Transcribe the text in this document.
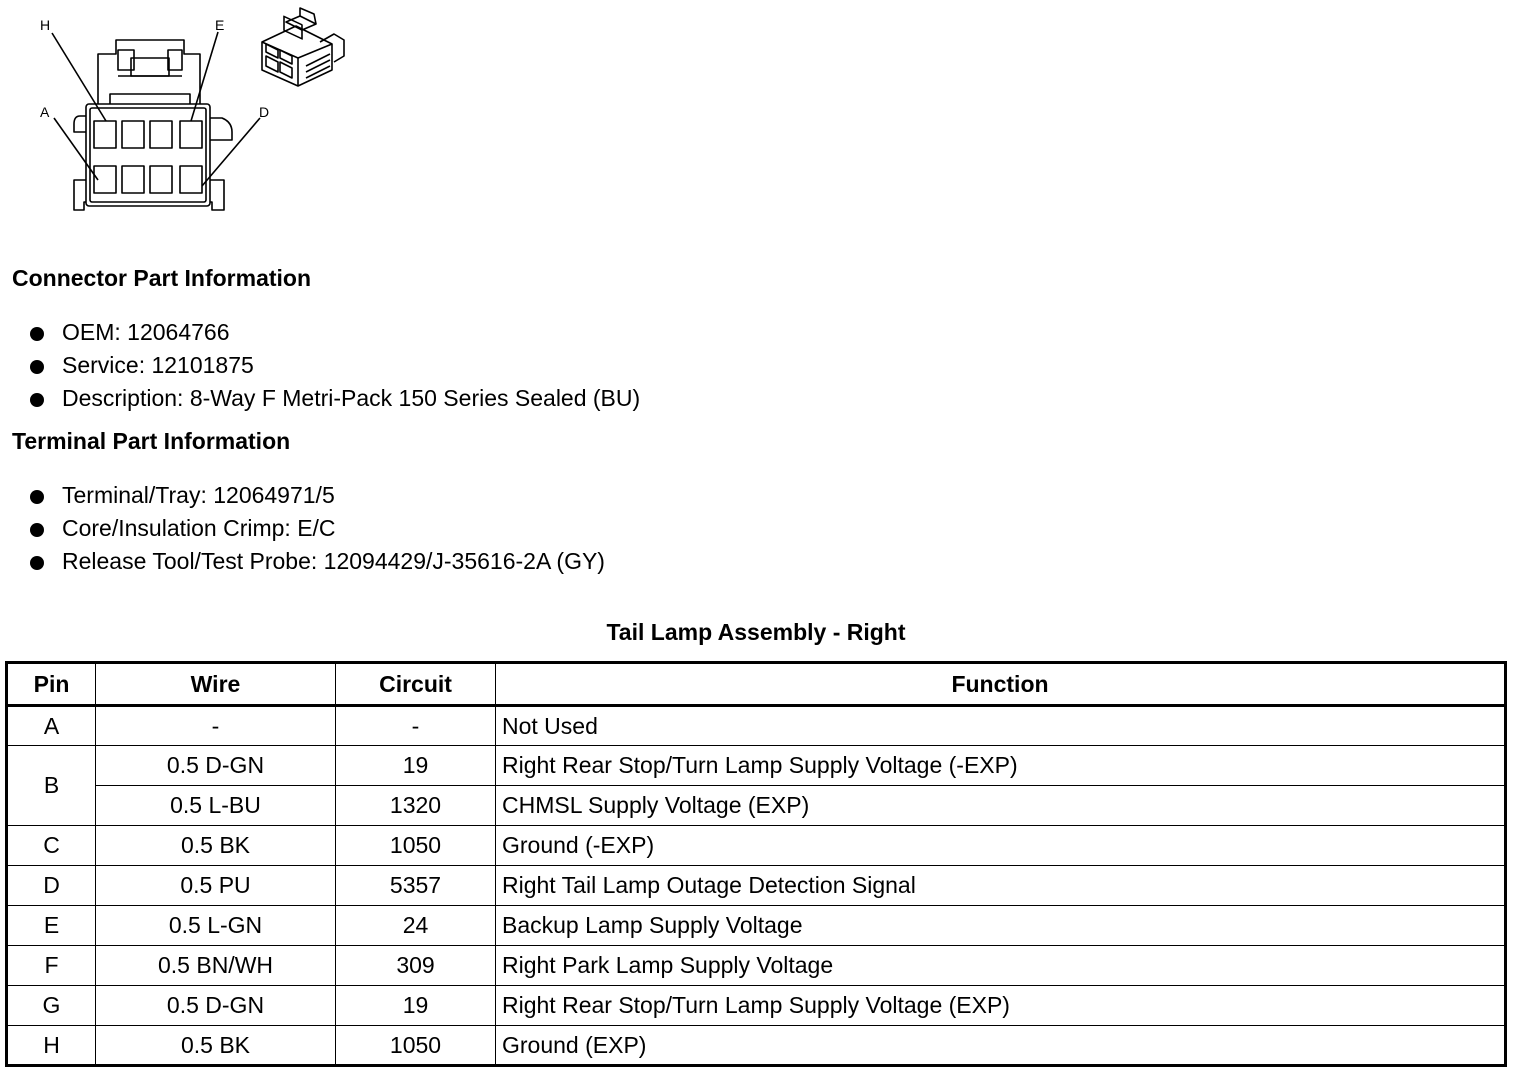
H	E
A	D
Connector Part Information
OEM: 12064766
Service: 12101875
Description: 8-Way F Metri-Pack 150 Series Sealed (BU)
Terminal Part Information
Terminal/Tray: 12064971/5
Core/Insulation Crimp: E/C
Release Tool/Test Probe: 12094429/J-35616-2A (GY)
Tail Lamp Assembly - Right
Pin	Wire	Circuit	Function
A	-	-	Not Used
B	0.5 D-GN	19	Right Rear Stop/Turn Lamp Supply Voltage (-EXP)
	0.5 L-BU	1320	CHMSL Supply Voltage (EXP)
C	0.5 BK	1050	Ground (-EXP)
D	0.5 PU	5357	Right Tail Lamp Outage Detection Signal
E	0.5 L-GN	24	Backup Lamp Supply Voltage
F	0.5 BN/WH	309	Right Park Lamp Supply Voltage
G	0.5 D-GN	19	Right Rear Stop/Turn Lamp Supply Voltage (EXP)
H	0.5 BK	1050	Ground (EXP)
